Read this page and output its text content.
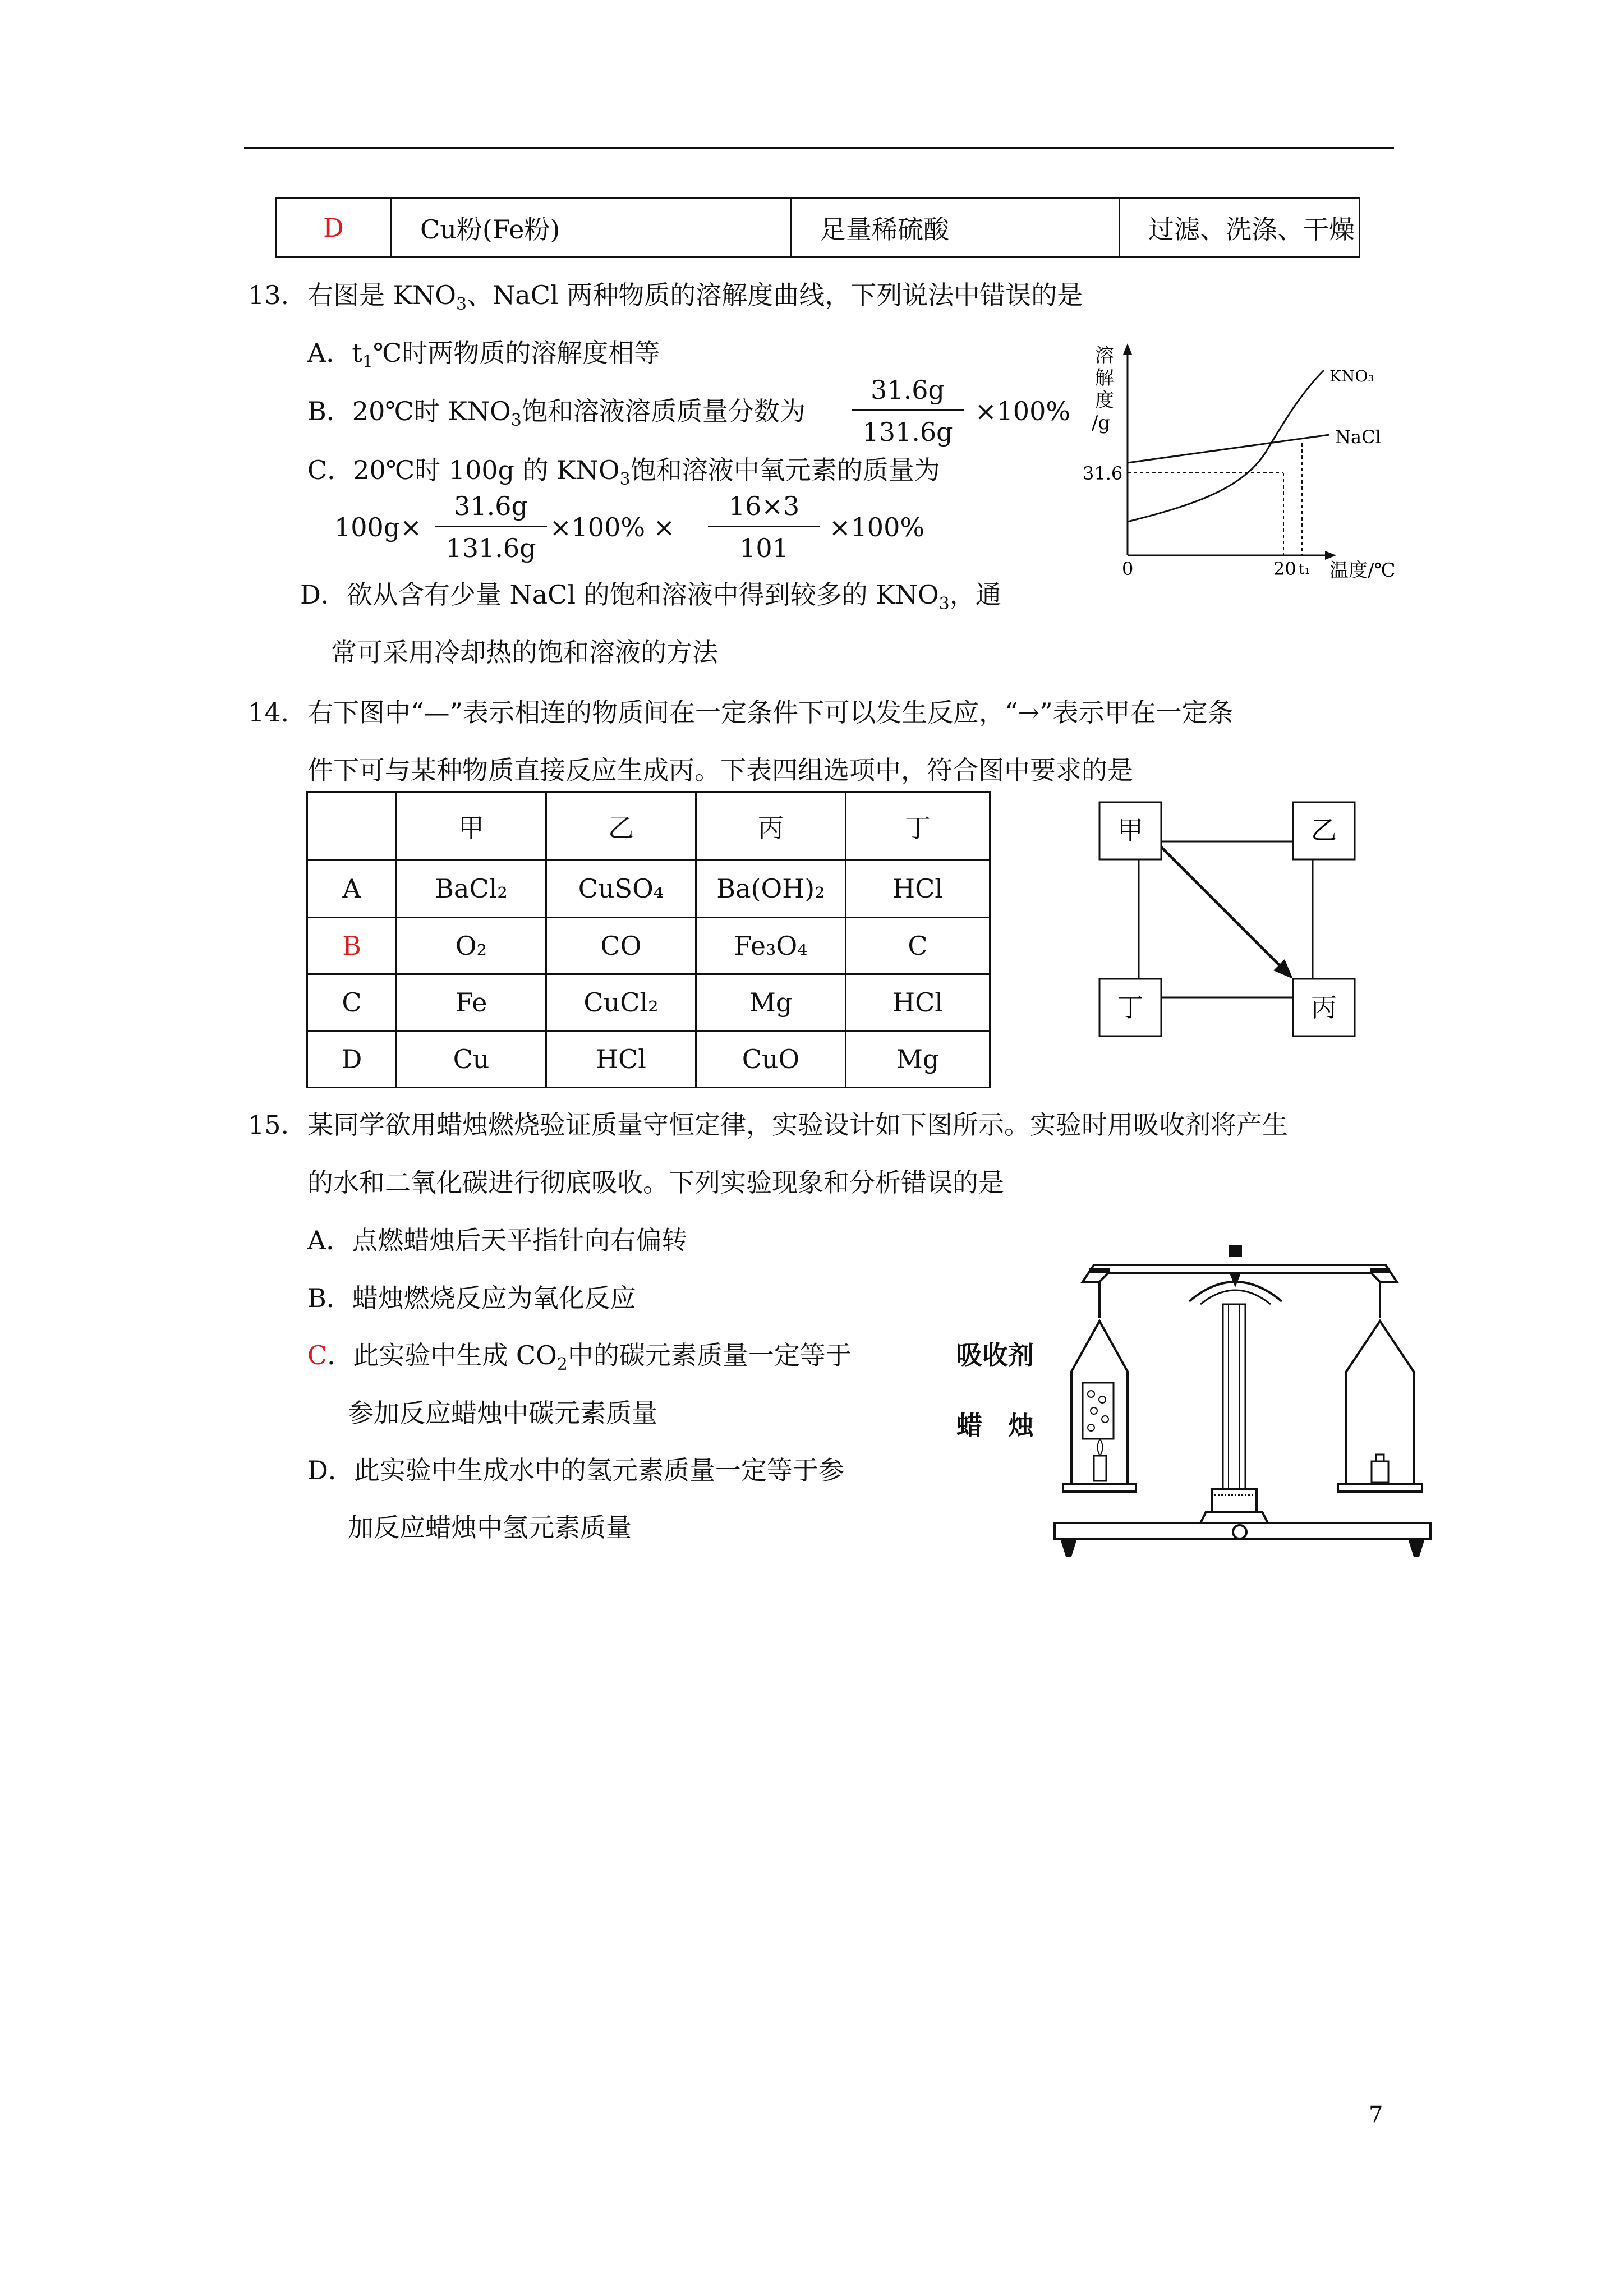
D	Cu粉(Fe粉)	足量稀硫酸	过滤、洗涤、干燥
13. 右图是 $KNO_3$、NaCl 两种物质的溶解度曲线，下列说法中错误的是
A．$t_1℃$时两物质的溶解度相等
B．20℃时 $KNO_3$饱和溶液溶质质量分数为 $\frac{31.6g}{131.6g} \times 100\%$
C．20℃时 100g 的 $KNO_3$饱和溶液中氧元素的质量为
$100g\times \frac{31.6g}{131.6g} \times 100\% \times \frac{16\times 3}{101} \times 100\%$
D．欲从含有少量 NaCl 的饱和溶液中得到较多的 $KNO_3$，通
常可采用冷却热的饱和溶液的方法
溶
解
度
/g
KNO₃
NaCl
31.6
0	20 t₁ 温度/℃
14. 右下图中“—”表示相连的物质间在一定条件下可以发生反应，“→”表示甲在一定条
件下可与某种物质直接反应生成丙。下表四组选项中，符合图中要求的是
	甲	乙	丙	丁
A	BaCl₂	CuSO₄	Ba(OH)₂	HCl
B	O₂	CO	Fe₃O₄	C
C	Fe	CuCl₂	Mg	HCl
D	Cu	HCl	CuO	Mg
甲	乙
丁	丙
15. 某同学欲用蜡烛燃烧验证质量守恒定律，实验设计如下图所示。实验时用吸收剂将产生
的水和二氧化碳进行彻底吸收。下列实验现象和分析错误的是
A．点燃蜡烛后天平指针向右偏转
B．蜡烛燃烧反应为氧化反应
C．此实验中生成 $CO_2$中的碳元素质量一定等于
参加反应蜡烛中碳元素质量
D．此实验中生成水中的氢元素质量一定等于参
加反应蜡烛中氢元素质量
吸收剂
蜡　烛
7
